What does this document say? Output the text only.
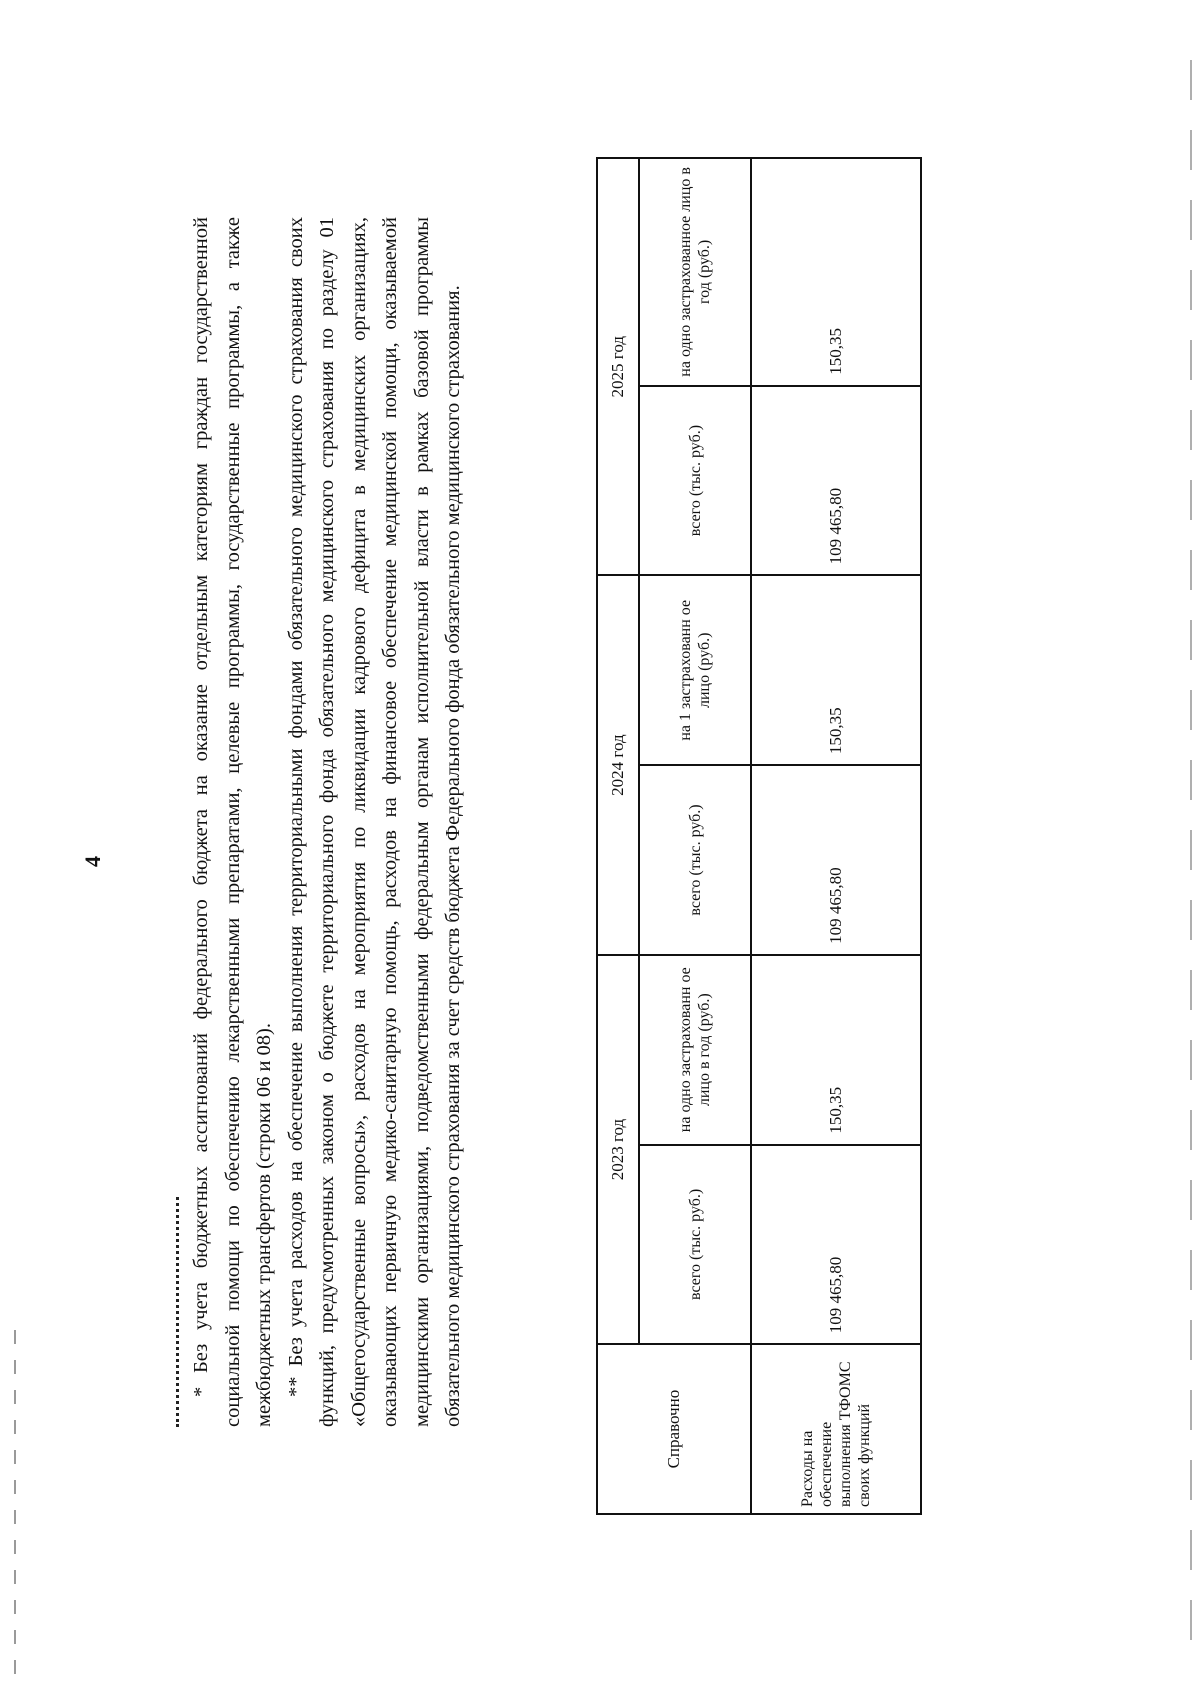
4	* Без учета бюджетных ассигнований федерального бюджета на оказание отдельным категориям граждан государственной социальной помощи по обеспечению лекарственными препаратами, целевые программы, государственные программы, а также межбюджетных трансфертов (строки 06 и 08). ** Без учета расходов на обеспечение выполнения территориальными фондами обязательного медицинского страхования своих функций, предусмотренных законом о бюджете территориального фонда обязательного медицинского страхования по разделу 01 «Общегосударственные вопросы», расходов на мероприятия по ликвидации кадрового дефицита в медицинских организациях, оказывающих первичную медико-санитарную помощь, расходов на финансовое обеспечение медицинской помощи, оказываемой медицинскими организациями, подведомственными федеральным органам исполнительной власти в рамках базовой программы обязательного медицинского страхования за счет средств бюджета Федерального фонда обязательного медицинского страхования.

Справочно	2023 год		2024 год		2025 год	
	всего (тыс. руб.)	на одно застрахованн ое лицо в год (руб.)	всего (тыс. руб.)	на 1 застрахованн ое лицо (руб.)	всего (тыс. руб.)	на одно застрахованное лицо в год (руб.)
Расходы на обеспечение выполнения ТФОМС своих функций	109 465,80	150,35	109 465,80	150,35	109 465,80	150,35
